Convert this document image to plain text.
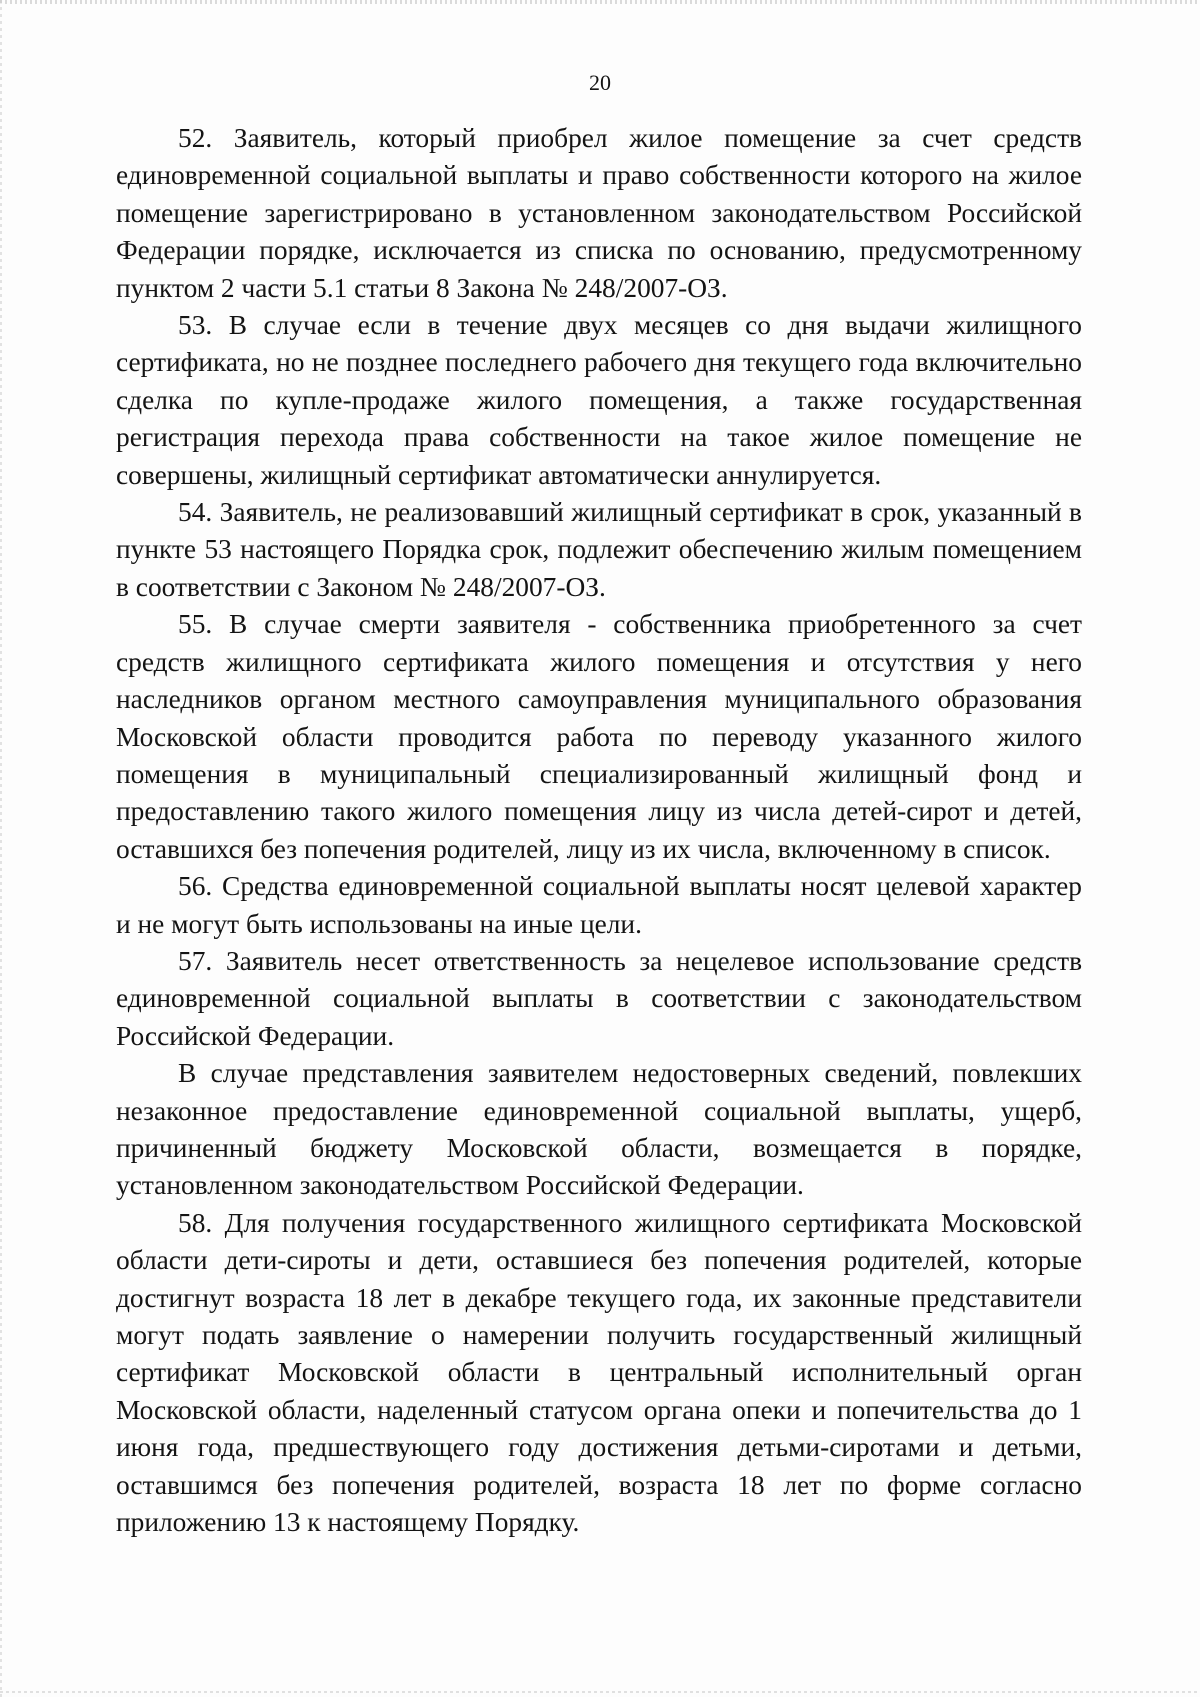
20

52. Заявитель, который приобрел жилое помещение за счет средств единовременной социальной выплаты и право собственности которого на жилое помещение зарегистрировано в установленном законодательством Российской Федерации порядке, исключается из списка по основанию, предусмотренному пунктом 2 части 5.1 статьи 8 Закона № 248/2007-ОЗ.

53. В случае если в течение двух месяцев со дня выдачи жилищного сертификата, но не позднее последнего рабочего дня текущего года включительно сделка по купле-продаже жилого помещения, а также государственная регистрация перехода права собственности на такое жилое помещение не совершены, жилищный сертификат автоматически аннулируется.

54. Заявитель, не реализовавший жилищный сертификат в срок, указанный в пункте 53 настоящего Порядка срок, подлежит обеспечению жилым помещением в соответствии с Законом № 248/2007-ОЗ.

55. В случае смерти заявителя - собственника приобретенного за счет средств жилищного сертификата жилого помещения и отсутствия у него наследников органом местного самоуправления муниципального образования Московской области проводится работа по переводу указанного жилого помещения в муниципальный специализированный жилищный фонд и предоставлению такого жилого помещения лицу из числа детей-сирот и детей, оставшихся без попечения родителей, лицу из их числа, включенному в список.

56. Средства единовременной социальной выплаты носят целевой характер и не могут быть использованы на иные цели.

57. Заявитель несет ответственность за нецелевое использование средств единовременной социальной выплаты в соответствии с законодательством Российской Федерации.

В случае представления заявителем недостоверных сведений, повлекших незаконное предоставление единовременной социальной выплаты, ущерб, причиненный бюджету Московской области, возмещается в порядке, установленном законодательством Российской Федерации.

58. Для получения государственного жилищного сертификата Московской области дети-сироты и дети, оставшиеся без попечения родителей, которые достигнут возраста 18 лет в декабре текущего года, их законные представители могут подать заявление о намерении получить государственный жилищный сертификат Московской области в центральный исполнительный орган Московской области, наделенный статусом органа опеки и попечительства до 1 июня года, предшествующего году достижения детьми-сиротами и детьми, оставшимся без попечения родителей, возраста 18 лет по форме согласно приложению 13 к настоящему Порядку.
